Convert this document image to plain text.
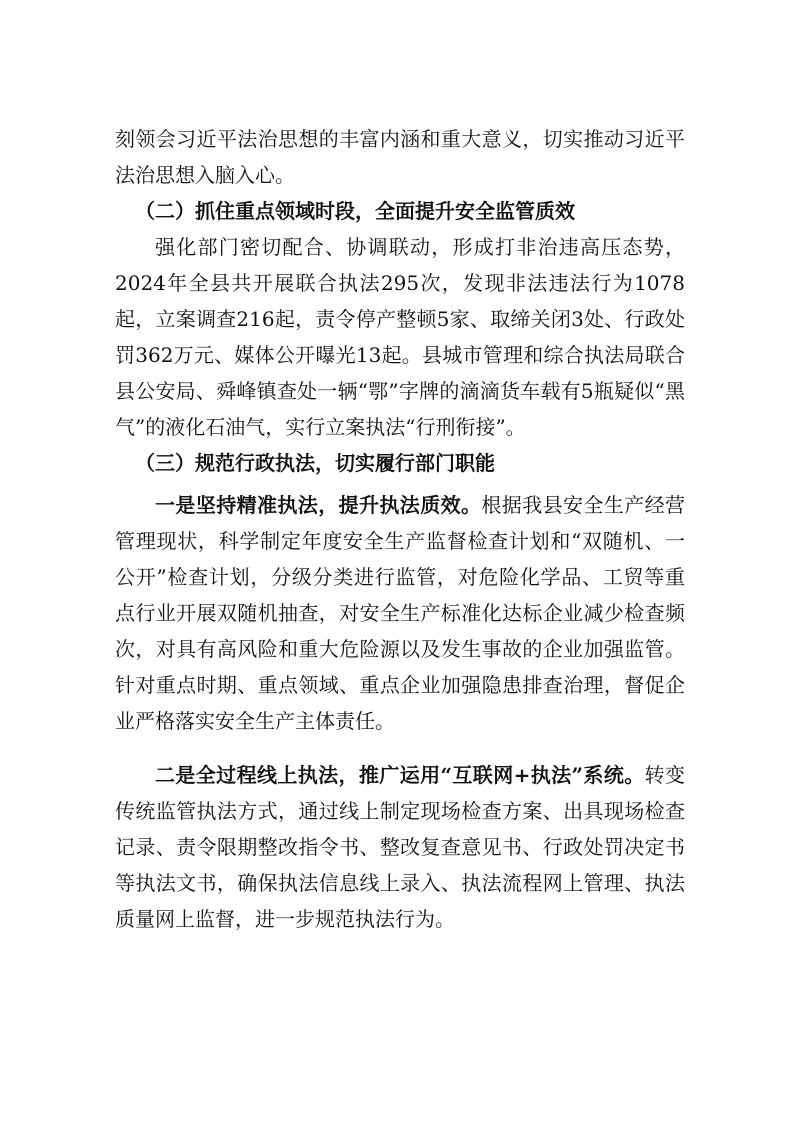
刻领会习近平法治思想的丰富内涵和重大意义，切实推动习近平法治思想入脑入心。

（二）抓住重点领域时段，全面提升安全监管质效

强化部门密切配合、协调联动，形成打非治违高压态势，2024年全县共开展联合执法295次，发现非法违法行为1078起，立案调查216起，责令停产整顿5家、取缔关闭3处、行政处罚362万元、媒体公开曝光13起。县城市管理和综合执法局联合县公安局、舜峰镇查处一辆“鄂”字牌的滴滴货车载有5瓶疑似“黑气”的液化石油气，实行立案执法“行刑衔接”。

（三）规范行政执法，切实履行部门职能

一是坚持精准执法，提升执法质效。根据我县安全生产经营管理现状，科学制定年度安全生产监督检查计划和“双随机、一公开”检查计划，分级分类进行监管，对危险化学品、工贸等重点行业开展双随机抽查，对安全生产标准化达标企业减少检查频次，对具有高风险和重大危险源以及发生事故的企业加强监管。针对重点时期、重点领域、重点企业加强隐患排查治理，督促企业严格落实安全生产主体责任。

二是全过程线上执法，推广运用“互联网+执法”系统。转变传统监管执法方式，通过线上制定现场检查方案、出具现场检查记录、责令限期整改指令书、整改复查意见书、行政处罚决定书等执法文书，确保执法信息线上录入、执法流程网上管理、执法质量网上监督，进一步规范执法行为。
